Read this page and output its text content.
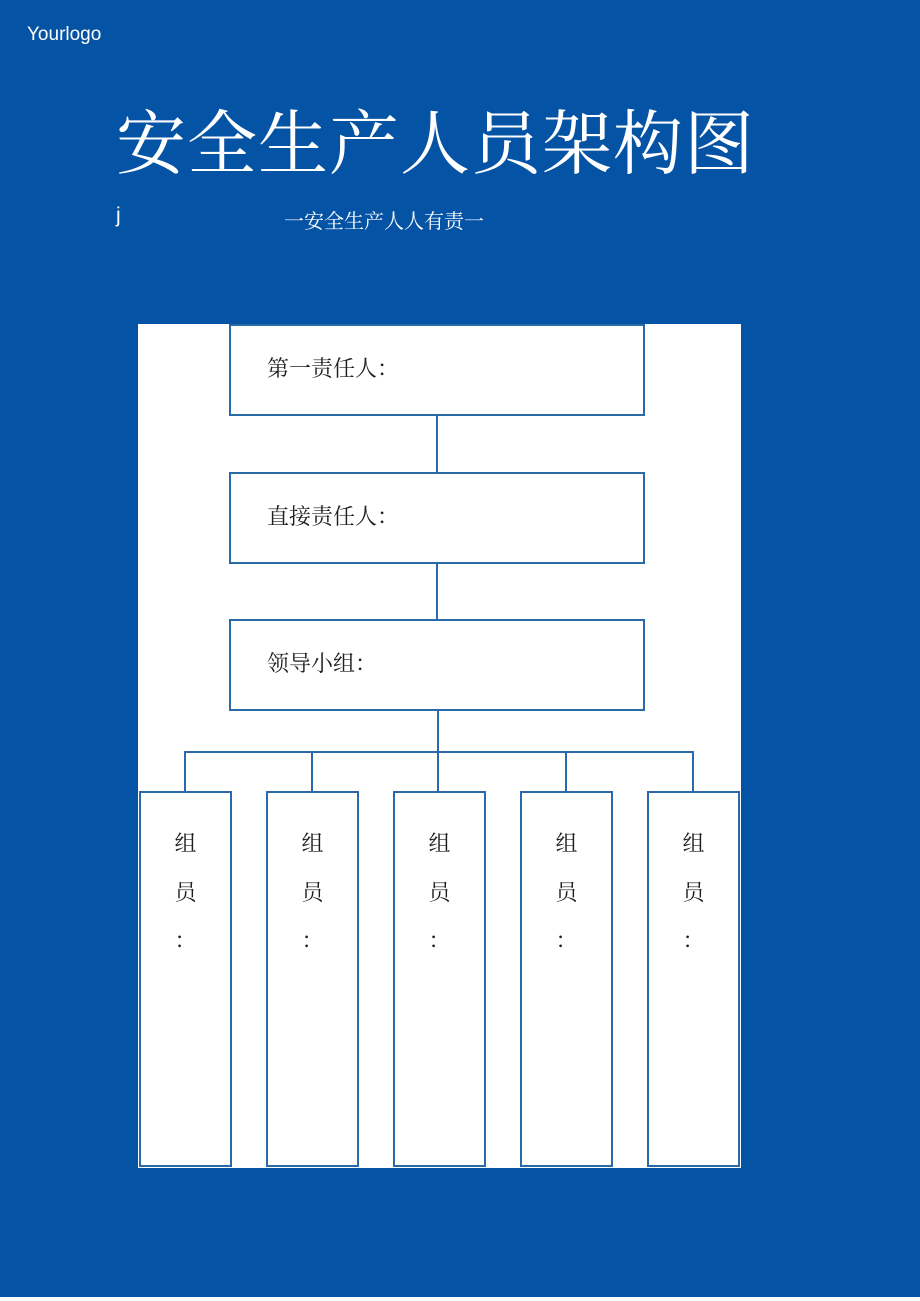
Yourlogo
安全生产人员架构图
j	一安全生产人人有责一
第一责任人：
直接责任人：
领导小组：
组
员
：
组
员
：
组
员
：
组
员
：
组
员
：
